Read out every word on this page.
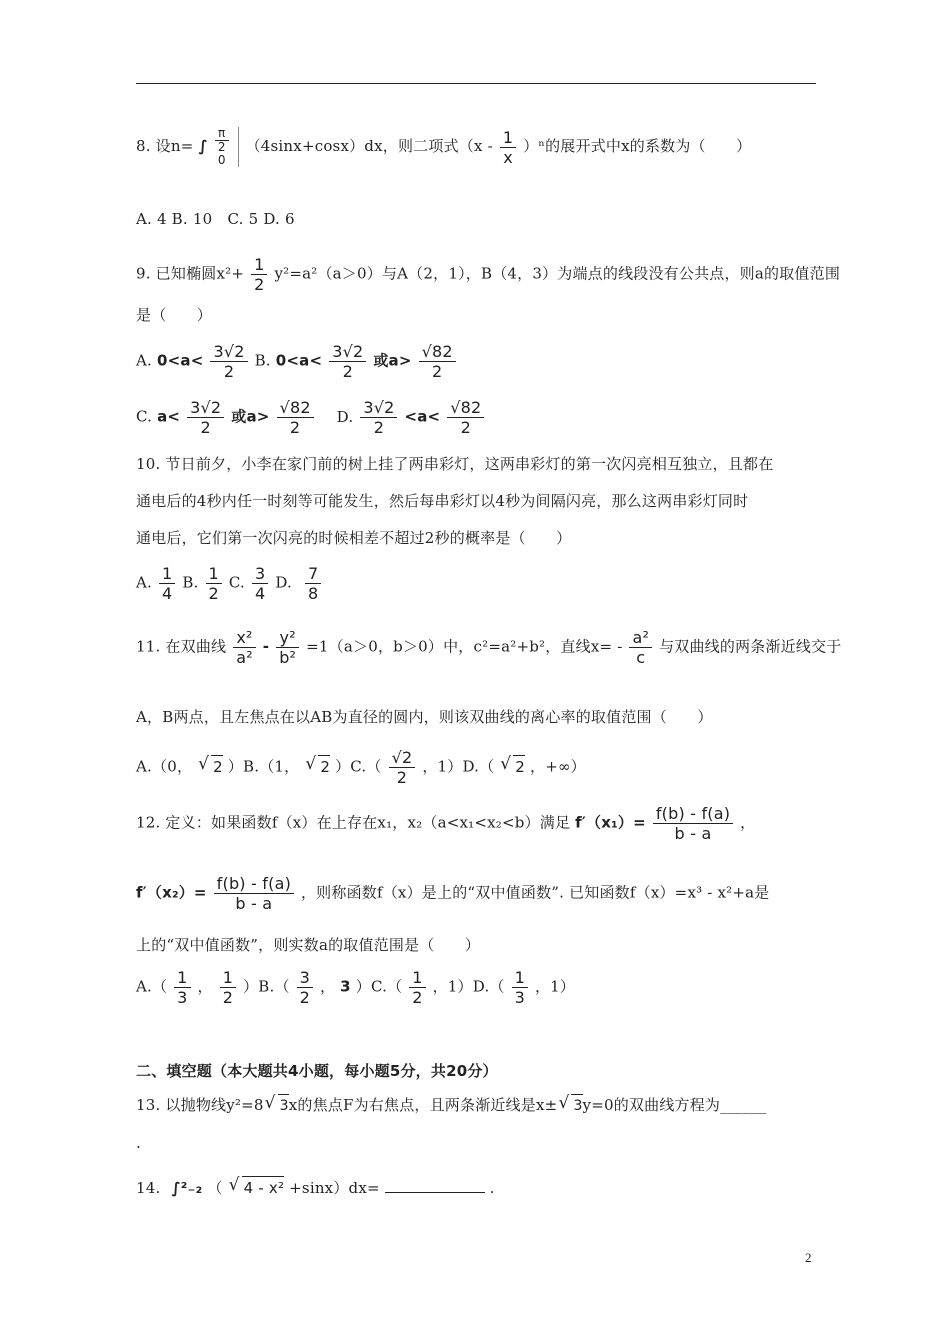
8. 设n= ∫
π
2
0
（4sinx+cosx）dx，则二项式$(x - \frac{1}{x} )^n$的展开式中x的系数为（　　）
A. 4 B. 10　C. 5 D. 6
9. 已知椭圆$x^2+ \frac{1}{2} y^2=a^2(a>0)$与A（2，1），B（4，3）为端点的线段没有公共点，则a的取值范围
是（　　）
A. $0<a< \frac{3√2}{2} B$. $0<a< \frac{3√2}{2}$ 或$a> \frac{√82}{2}$
C. $a< \frac{3√2}{2}$ 或$a> \frac{√82}{2} D$. $\frac{3√2}{2} <a< \frac{√82}{2}$
10. 节日前夕，小李在家门前的树上挂了两串彩灯，这两串彩灯的第一次闪亮相互独立，且都在
通电后的4秒内任一时刻等可能发生，然后每串彩灯以4秒为间隔闪亮，那么这两串彩灯同时
通电后，它们第一次闪亮的时候相差不超过2秒的概率是（　　）
A. $\frac{1}{4} B$. $\frac{1}{2} C$. $\frac{3}{4} D$. $\frac{7}{8}$
11. 在双曲线 $\frac{\text{x²}}{\text{a²}} - \frac{\text{y²}}{\text{b²}} =1(a>0$，b＞0）中，c²=a²+b²，直线$x= - \frac{\text{a²}}{c}$ 与双曲线的两条渐近线交于
A，B两点，且左焦点在以AB为直径的圆内，则该双曲线的离心率的取值范围（　　）
A.（0， √ 2 ）B.（1， √ 2 ）$C.( \frac{√2}{2}$ ，1）D.（ √ 2 ，+∞）
12. 定义：如果函数f（x）在上存在x₁，x₂（a<x₁<x₂<b）满足 $f'(x_1)= \frac{f(b) - f(a)}{b - a}$ ，
$f'(x_2)= \frac{f(b) - f(a)}{b - a}$ ，则称函数f（x）是上的“双中值函数”. 已知函数f（x）=x³ - x²+a是
上的“双中值函数”，则实数a的取值范围是（　　）
$A.( \frac{1}{3}$ ， $\frac{1}{2} )B.( \frac{3}{2}$ ， 3 ）$C.( \frac{1}{2}$ ，$1)D.( \frac{1}{3}$ ，1）
二、填空题（本大题共4小题，每小题5分，共20分）
13. 以抛物线y²=8 √ 3x的焦点F为右焦点，且两条渐近线是x± √ 3y=0的双曲线方程为______
.
14. ∫²₋₂ （ √ 4 - x² +sinx）dx=	.
2
